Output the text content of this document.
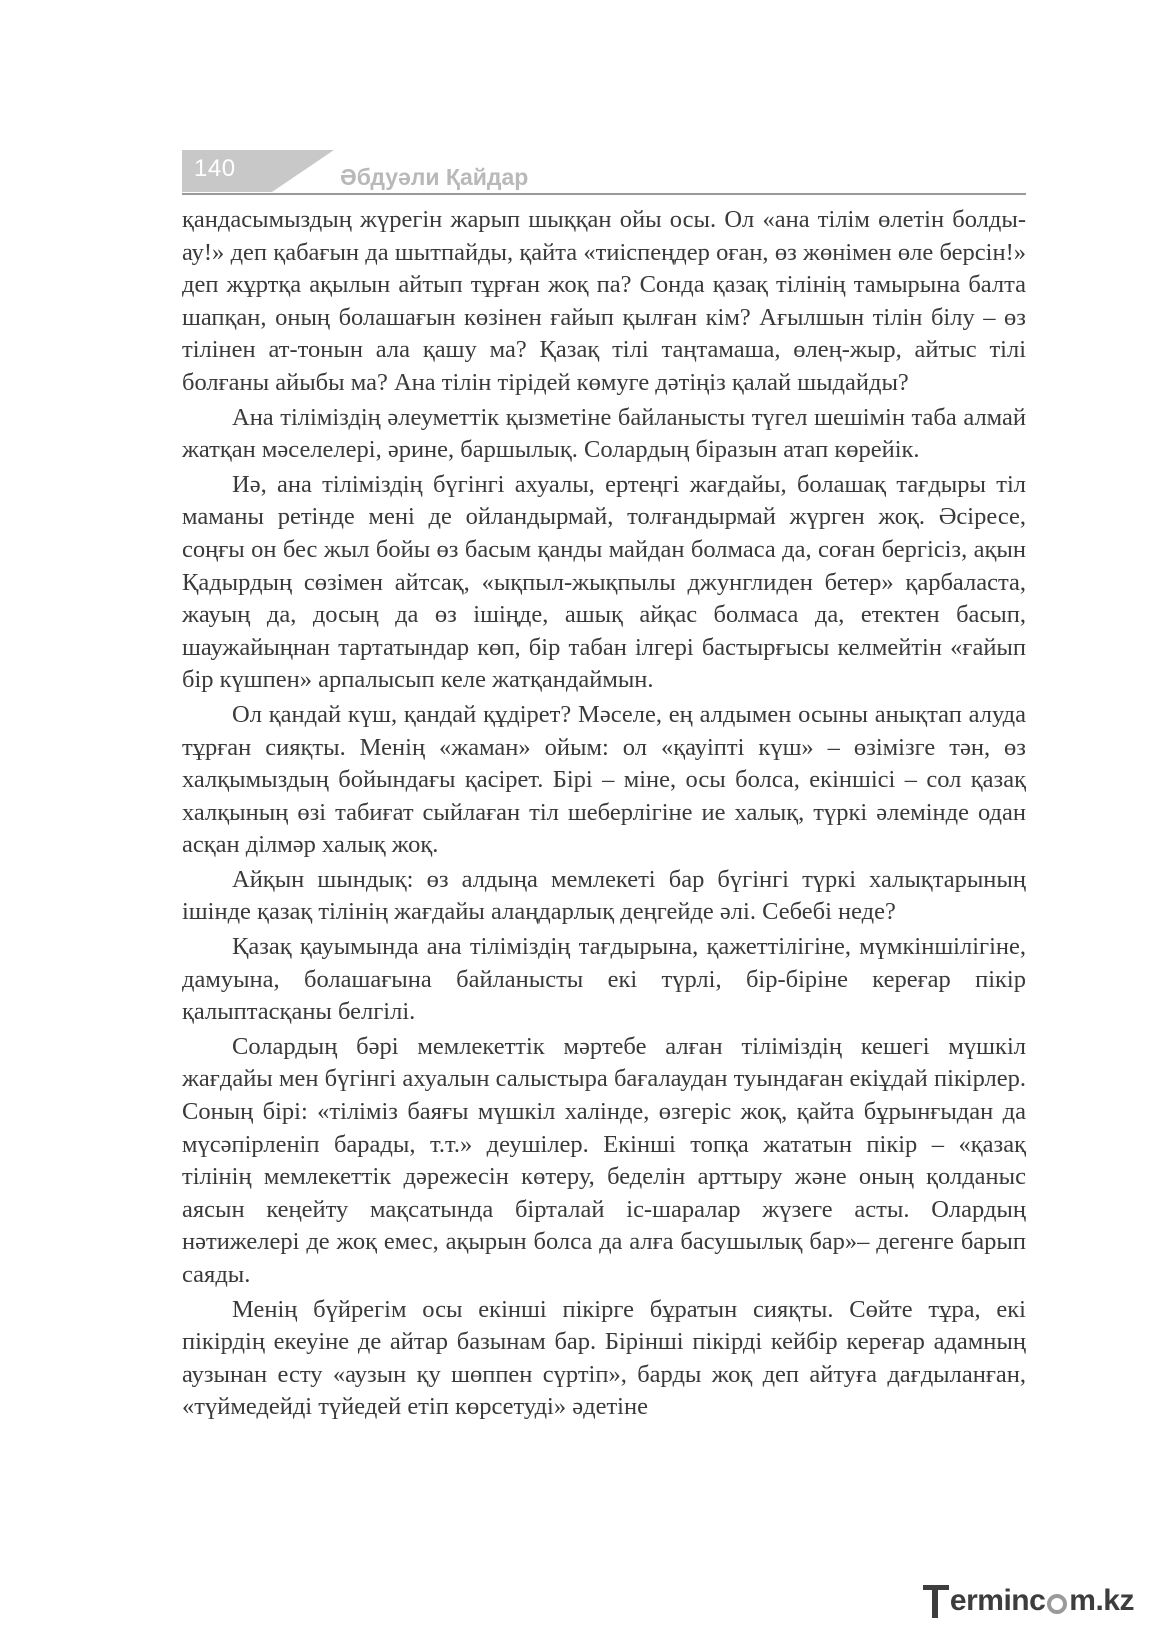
140	Әбдуәли Қайдар

қандасымыздың жүрегін жарып шыққан ойы осы. Ол «ана тілім өлетін болды-ау!» деп қабағын да шытпайды, қайта «тиіспеңдер оған, өз жөнімен өле берсін!» деп жұртқа ақылын айтып тұрған жоқ па? Сонда қазақ тілінің тамырына балта шапқан, оның болашағын көзінен ғайып қылған кім? Ағылшын тілін білу – өз тілінен ат-тонын ала қашу ма? Қазақ тілі таңтамаша, өлең-жыр, айтыс тілі болғаны айыбы ма? Ана тілін тірідей көмуге дәтіңіз қалай шыдайды?

Ана тіліміздің әлеуметтік қызметіне байланысты түгел шешімін таба алмай жатқан мәселелері, әрине, баршылық. Солардың біразын атап көрейік.

Иә, ана тіліміздің бүгінгі ахуалы, ертеңгі жағдайы, болашақ тағдыры тіл маманы ретінде мені де ойландырмай, толғандырмай жүрген жоқ. Әсіресе, соңғы он бес жыл бойы өз басым қанды майдан болмаса да, соған бергісіз, ақын Қадырдың сөзімен айтсақ, «ықпыл-жықпылы джунглиден бетер» қарбаласта, жауың да, досың да өз ішіңде, ашық айқас болмаса да, етектен басып, шаужайыңнан тартатындар көп, бір табан ілгері бастырғысы келмейтін «ғайып бір күшпен» арпалысып келе жатқандаймын.

Ол қандай күш, қандай құдірет? Мәселе, ең алдымен осыны анықтап алуда тұрған сияқты. Менің «жаман» ойым: ол «қауіпті күш» – өзімізге тән, өз халқымыздың бойындағы қасірет. Бірі – міне, осы болса, екіншісі – сол қазақ халқының өзі табиғат сыйлаған тіл шеберлігіне ие халық, түркі әлемінде одан асқан ділмәр халық жоқ.

Айқын шындық: өз алдыңа мемлекеті бар бүгінгі түркі халықтарының ішінде қазақ тілінің жағдайы алаңдарлық деңгейде әлі. Себебі неде?

Қазақ қауымында ана тіліміздің тағдырына, қажеттілігіне, мүмкіншілігіне, дамуына, болашағына байланысты екі түрлі, бір-біріне кереғар пікір қалыптасқаны белгілі.

Солардың бәрі мемлекеттік мәртебе алған тіліміздің кешегі мүшкіл жағдайы мен бүгінгі ахуалын салыстыра бағалаудан туындаған екіұдай пікірлер. Соның бірі: «тіліміз баяғы мүшкіл халінде, өзгеріс жоқ, қайта бұрынғыдан да мүсәпірленіп барады, т.т.» деушілер. Екінші топқа жататын пікір – «қазақ тілінің мемлекеттік дәрежесін көтеру, беделін арттыру және оның қолданыс аясын кеңейту мақсатында бірталай іс-шаралар жүзеге асты. Олардың нәтижелері де жоқ емес, ақырын болса да алға басушылық бар»– дегенге барып саяды.

Менің бүйрегім осы екінші пікірге бұратын сияқты. Сөйте тұра, екі пікірдің екеуіне де айтар базынам бар. Бірінші пікірді кейбір кереғар адамның аузынан есту «аузын қу шөппен сүртіп», барды жоқ деп айтуға дағдыланған, «түймедейді түйедей етіп көрсетуді» әдетіне

ermin c m.kz
